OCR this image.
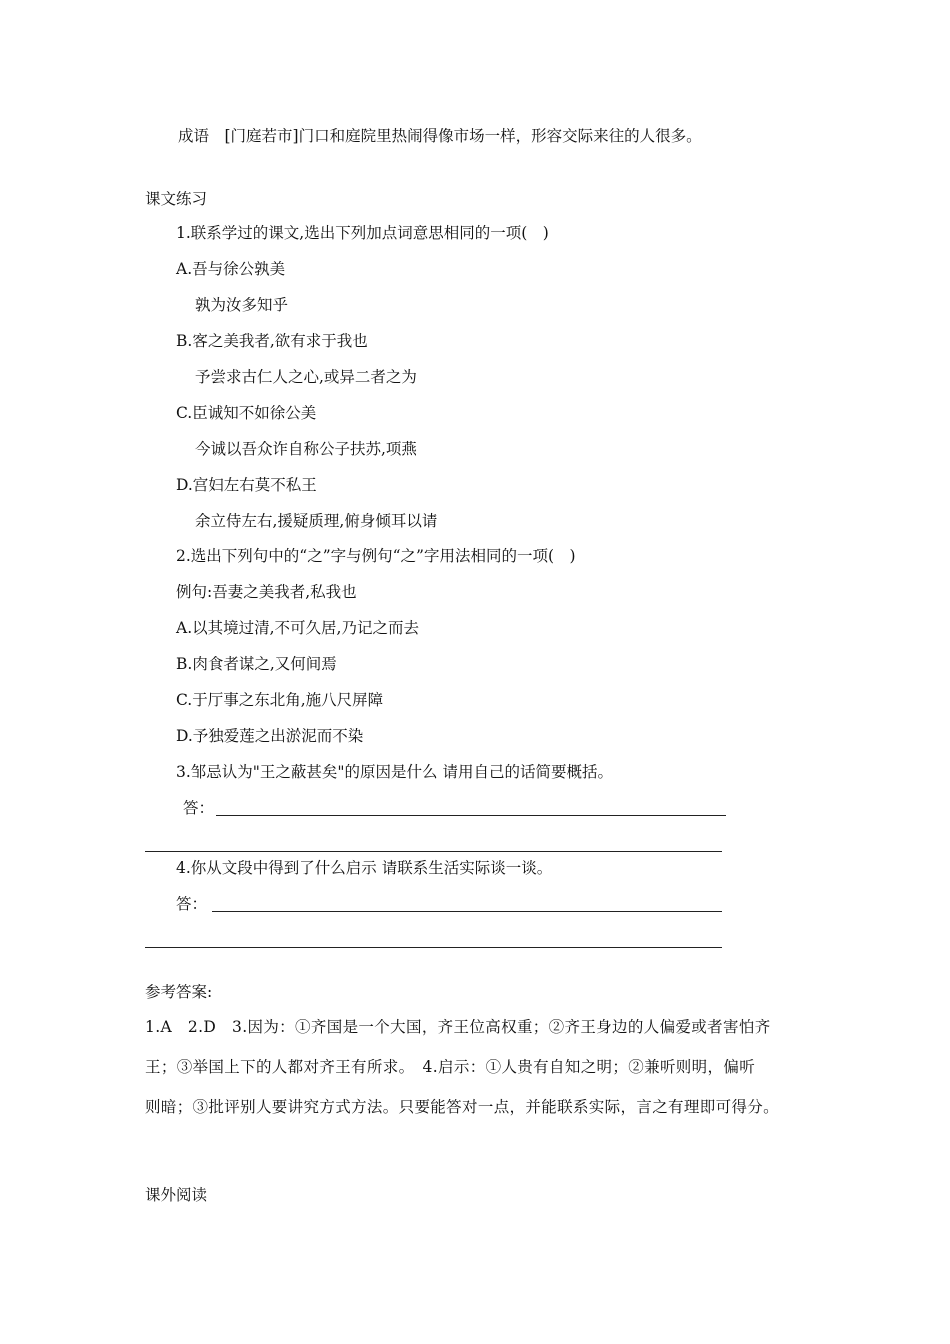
成语　[门庭若市]门口和庭院里热闹得像市场一样，形容交际来往的人很多。
课文练习
1.联系学过的课文,选出下列加点词意思相同的一项(　)
A.吾与徐公孰美
孰为汝多知乎
B.客之美我者,欲有求于我也
予尝求古仁人之心,或异二者之为
C.臣诚知不如徐公美
今诚以吾众诈自称公子扶苏,项燕
D.宫妇左右莫不私王
余立侍左右,援疑质理,俯身倾耳以请
2.选出下列句中的“之”字与例句“之”字用法相同的一项(　)
例句:吾妻之美我者,私我也
A.以其境过清,不可久居,乃记之而去
B.肉食者谋之,又何间焉
C.于厅事之东北角,施八尺屏障
D.予独爱莲之出淤泥而不染
3.邹忌认为"王之蔽甚矣"的原因是什么 请用自己的话简要概括。
答：
4.你从文段中得到了什么启示 请联系生活实际谈一谈。
答：
参考答案:
1.A　2.D　3.因为：①齐国是一个大国，齐王位高权重；②齐王身边的人偏爱或者害怕齐
王；③举国上下的人都对齐王有所求。　4.启示：①人贵有自知之明；②兼听则明，偏听
则暗；③批评别人要讲究方式方法。只要能答对一点，并能联系实际，言之有理即可得分。
课外阅读
